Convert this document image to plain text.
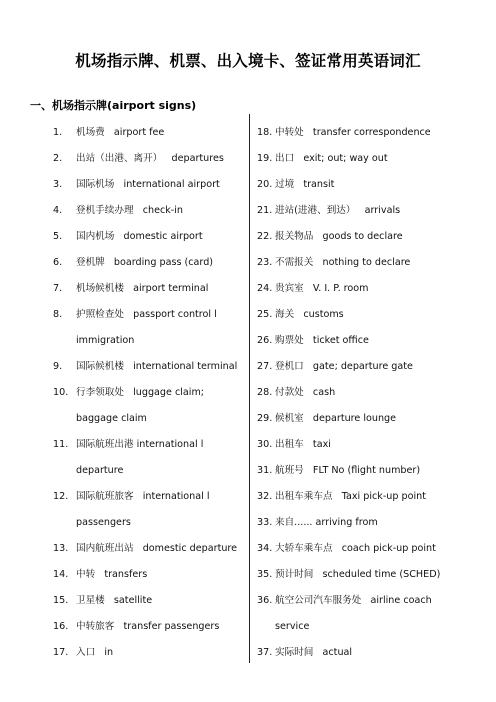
机场指示牌、机票、出入境卡、签证常用英语词汇
一、机场指示牌(airport signs)
1.	机场费   airport fee
2.	出站（出港、离开）   departures
3.	国际机场   international airport
4.	登机手续办理   check-in
5.	国内机场   domestic airport
6.	登机牌   boarding pass (card)
7.	机场候机楼   airport terminal
8.	护照检查处   passport control l
immigration
9.	国际候机楼   international terminal
10. 行李领取处   luggage claim;
baggage claim
11. 国际航班出港 international l
departure
12. 国际航班旅客   international l
passengers
13. 国内航班出站   domestic departure
14. 中转   transfers
15. 卫星楼   satellite
16. 中转旅客   transfer passengers
17. 入口   in
18. 中转处   transfer correspondence
19. 出口   exit; out; way out
20. 过境   transit
21. 进站(进港、到达）   arrivals
22. 报关物品   goods to declare
23. 不需报关   nothing to declare
24. 贵宾室   V. I. P. room
25. 海关   customs
26. 购票处   ticket office
27. 登机口   gate; departure gate
28. 付款处   cash
29. 候机室   departure lounge
30. 出租车   taxi
31. 航班号   FLT No (flight number)
32. 出租车乘车点   Taxi pick-up point
33. 来自...... arriving from
34. 大轿车乘车点   coach pick-up point
35. 预计时间   scheduled time (SCHED)
36. 航空公司汽车服务处   airline coach
service
37. 实际时间   actual
